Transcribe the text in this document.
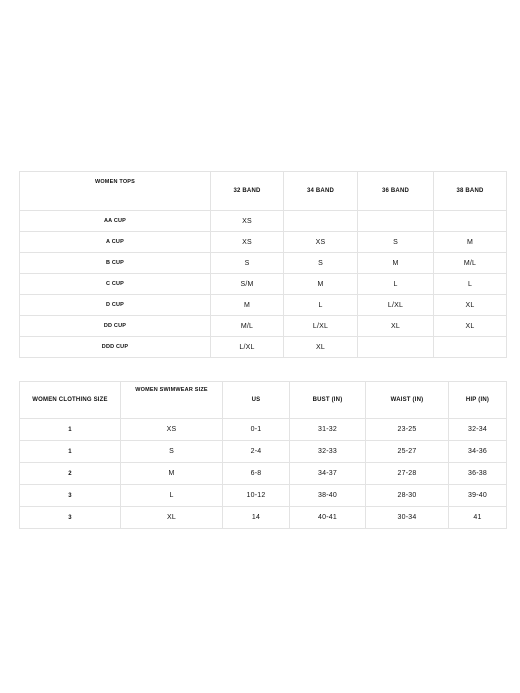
WOMEN TOPS	32 BAND	34 BAND	36 BAND	38 BAND
AA CUP	XS			
A CUP	XS	XS	S	M
B CUP	S	S	M	M/L
C CUP	S/M	M	L	L
D CUP	M	L	L/XL	XL
DD CUP	M/L	L/XL	XL	XL
DDD CUP	L/XL	XL		
WOMEN CLOTHING SIZE	WOMEN SWIMWEAR SIZE	US	BUST (IN)	WAIST (IN)	HIP (IN)
1	XS	0-1	31-32	23-25	32-34
1	S	2-4	32-33	25-27	34-36
2	M	6-8	34-37	27-28	36-38
3	L	10-12	38-40	28-30	39-40
3	XL	14	40-41	30-34	41
